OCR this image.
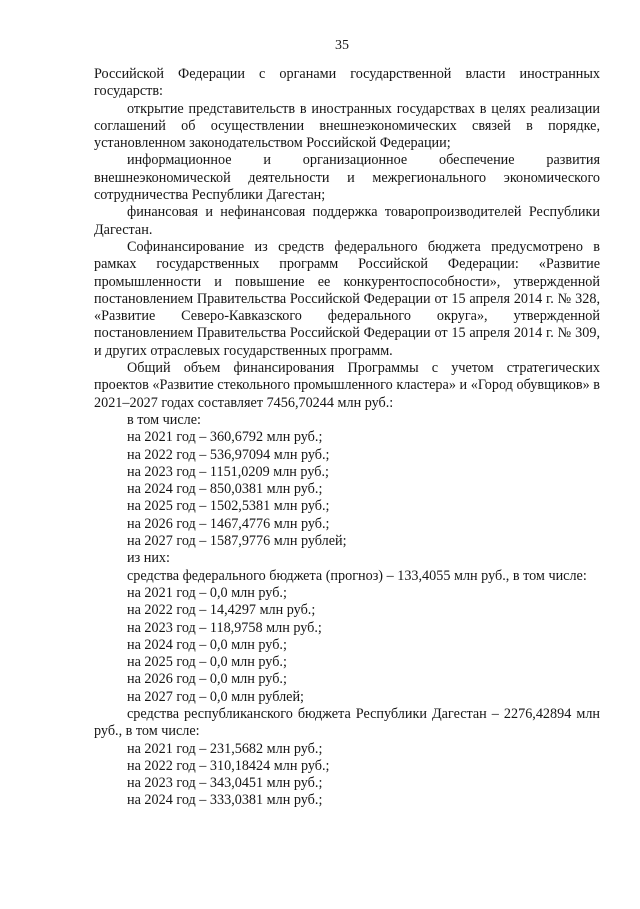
35

Российской Федерации с органами государственной власти иностранных государств:

открытие представительств в иностранных государствах в целях реализации соглашений об осуществлении внешнеэкономических связей в порядке, установленном законодательством Российской Федерации;

информационное и организационное обеспечение развития внешнеэкономической деятельности и межрегионального экономического сотрудничества Республики Дагестан;

финансовая и нефинансовая поддержка товаропроизводителей Республики Дагестан.

Софинансирование из средств федерального бюджета предусмотрено в рамках государственных программ Российской Федерации: «Развитие промышленности и повышение ее конкурентоспособности», утвержденной постановлением Правительства Российской Федерации от 15 апреля 2014 г. № 328, «Развитие Северо-Кавказского федерального округа», утвержденной постановлением Правительства Российской Федерации от 15 апреля 2014 г. № 309, и других отраслевых государственных программ.

Общий объем финансирования Программы с учетом стратегических проектов «Развитие стекольного промышленного кластера» и «Город обувщиков» в 2021–2027 годах составляет 7456,70244 млн руб.:

в том числе:
на 2021 год – 360,6792 млн руб.;
на 2022 год – 536,97094 млн руб.;
на 2023 год – 1151,0209 млн руб.;
на 2024 год – 850,0381 млн руб.;
на 2025 год – 1502,5381 млн руб.;
на 2026 год – 1467,4776 млн руб.;
на 2027 год – 1587,9776 млн рублей;
из них:

средства федерального бюджета (прогноз) – 133,4055 млн руб., в том числе:

на 2021 год – 0,0 млн руб.;
на 2022 год – 14,4297 млн руб.;
на 2023 год – 118,9758 млн руб.;
на 2024 год – 0,0 млн руб.;
на 2025 год – 0,0 млн руб.;
на 2026 год – 0,0 млн руб.;
на 2027 год – 0,0 млн рублей;

средства республиканского бюджета Республики Дагестан – 2276,42894 млн руб., в том числе:

на 2021 год – 231,5682 млн руб.;
на 2022 год – 310,18424 млн руб.;
на 2023 год – 343,0451 млн руб.;
на 2024 год – 333,0381 млн руб.;
